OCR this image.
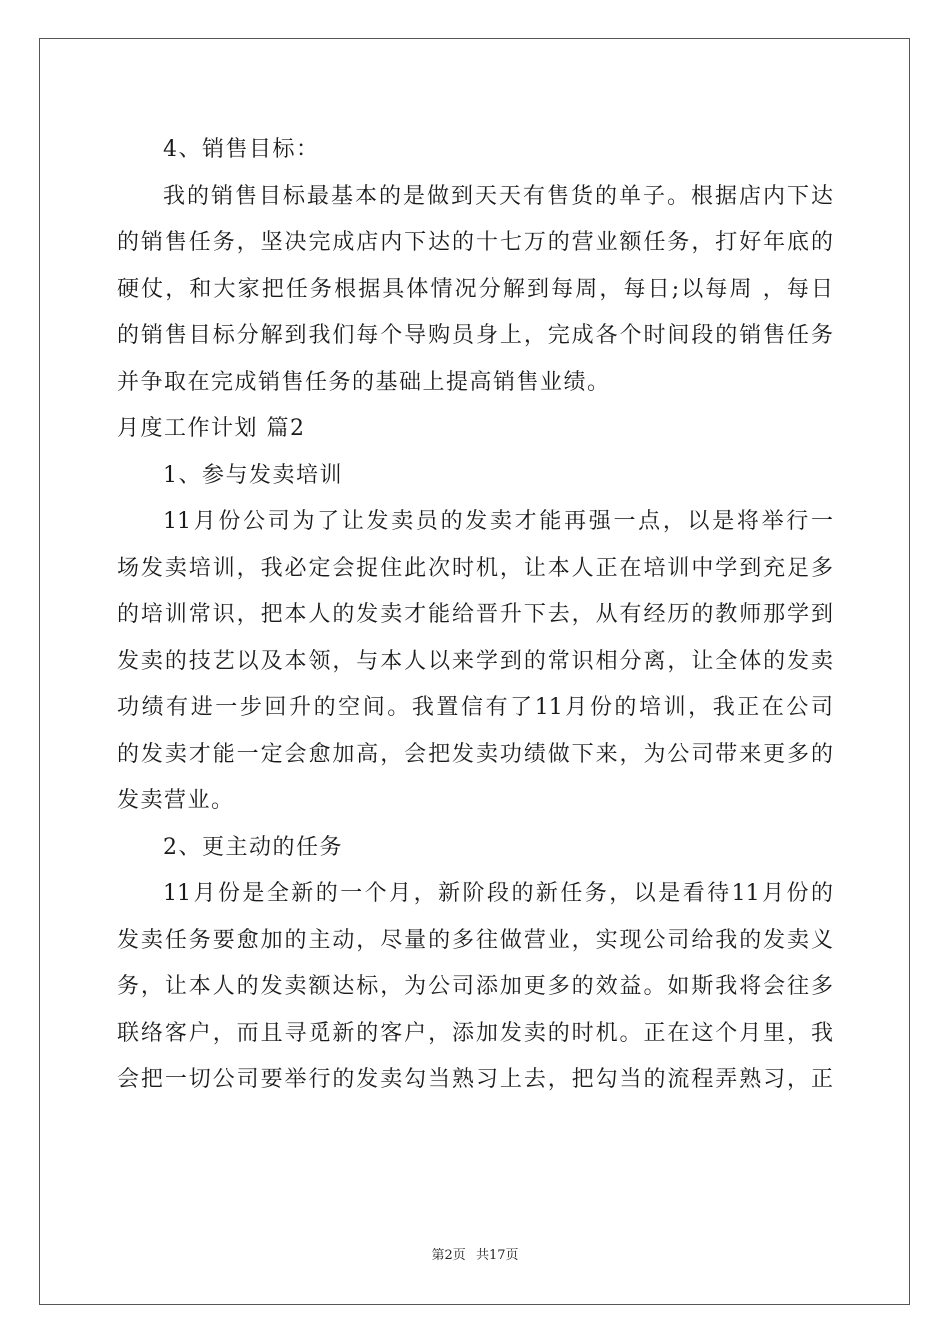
4、销售目标：
我的销售目标最基本的是做到天天有售货的单子。根据店内下达
的销售任务，坚决完成店内下达的十七万的营业额任务，打好年底的
硬仗，和大家把任务根据具体情况分解到每周，每日;以每周 ，每日
的销售目标分解到我们每个导购员身上，完成各个时间段的销售任务
并争取在完成销售任务的基础上提高销售业绩。
月度工作计划 篇2
1、参与发卖培训
11月份公司为了让发卖员的发卖才能再强一点，以是将举行一
场发卖培训，我必定会捉住此次时机，让本人正在培训中学到充足多
的培训常识，把本人的发卖才能给晋升下去，从有经历的教师那学到
发卖的技艺以及本领，与本人以来学到的常识相分离，让全体的发卖
功绩有进一步回升的空间。我置信有了11月份的培训，我正在公司
的发卖才能一定会愈加高，会把发卖功绩做下来，为公司带来更多的
发卖营业。
2、更主动的任务
11月份是全新的一个月，新阶段的新任务，以是看待11月份的
发卖任务要愈加的主动，尽量的多往做营业，实现公司给我的发卖义
务，让本人的发卖额达标，为公司添加更多的效益。如斯我将会往多
联络客户，而且寻觅新的客户，添加发卖的时机。正在这个月里，我
会把一切公司要举行的发卖勾当熟习上去，把勾当的流程弄熟习，正
第2页 共17页
